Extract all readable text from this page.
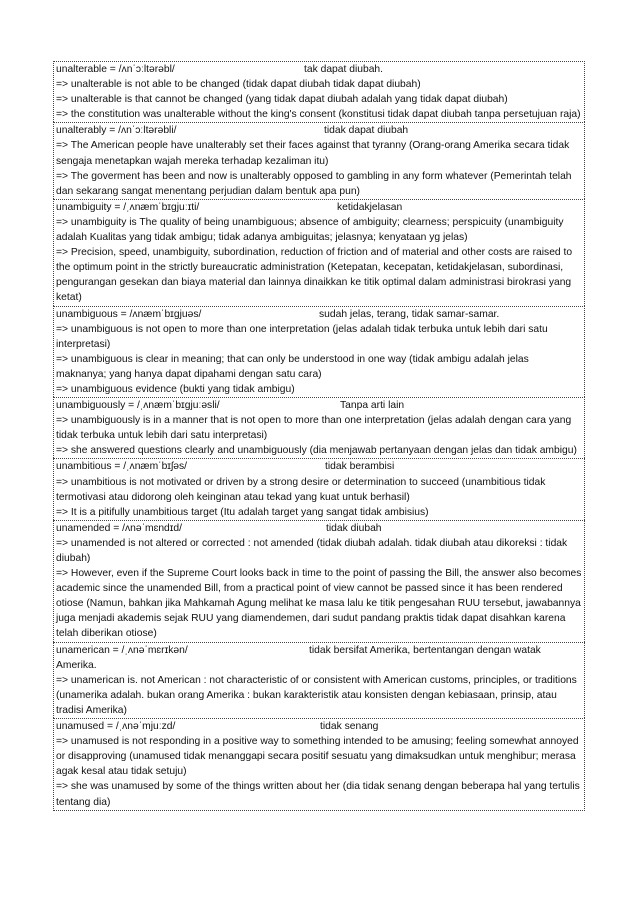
unalterable = /ʌnˈɔːltərəbl/	tak dapat diubah.
=> unalterable is not able to be changed (tidak dapat diubah tidak dapat diubah)
=> unalterable is that cannot be changed (yang tidak dapat diubah adalah yang tidak dapat diubah)
=> the constitution was unalterable without the king's consent (konstitusi tidak dapat diubah tanpa persetujuan raja)
unalterably = /ʌnˈɔːltərəbli/	tidak dapat diubah
=> The American people have unalterably set their faces against that tyranny (Orang-orang Amerika secara tidak sengaja menetapkan wajah mereka terhadap kezaliman itu)
=> The goverment has been and now is unalterably opposed to gambling in any form whatever (Pemerintah telah dan sekarang sangat menentang perjudian dalam bentuk apa pun)
unambiguity = /ˌʌnæmˈbɪɡjuːɪti/	ketidakjelasan
=> unambiguity is The quality of being unambiguous; absence of ambiguity; clearness; perspicuity (unambiguity adalah Kualitas yang tidak ambigu; tidak adanya ambiguitas; jelasnya; kenyataan yg jelas)
=> Precision, speed, unambiguity, subordination, reduction of friction and of material and other costs are raised to the optimum point in the strictly bureaucratic administration (Ketepatan, kecepatan, ketidakjelasan, subordinasi, pengurangan gesekan dan biaya material dan lainnya dinaikkan ke titik optimal dalam administrasi birokrasi yang ketat)
unambiguous = /ʌnæmˈbɪɡjuəs/	sudah jelas, terang, tidak samar-samar.
=> unambiguous is not open to more than one interpretation (jelas adalah tidak terbuka untuk lebih dari satu interpretasi)
=> unambiguous is clear in meaning; that can only be understood in one way (tidak ambigu adalah jelas maknanya; yang hanya dapat dipahami dengan satu cara)
=> unambiguous evidence (bukti yang tidak ambigu)
unambiguously = /ˌʌnæmˈbɪɡjuːəsli/	Tanpa arti lain
=> unambiguously is in a manner that is not open to more than one interpretation (jelas adalah dengan cara yang tidak terbuka untuk lebih dari satu interpretasi)
=> she answered questions clearly and unambiguously (dia menjawab pertanyaan dengan jelas dan tidak ambigu)
unambitious = /ˌʌnæmˈbɪʃəs/	tidak berambisi
=> unambitious is not motivated or driven by a strong desire or determination to succeed (unambitious tidak termotivasi atau didorong oleh keinginan atau tekad yang kuat untuk berhasil)
=> It is a pitifully unambitious target (Itu adalah target yang sangat tidak ambisius)
unamended = /ʌnəˈmɛndɪd/	tidak diubah
=> unamended is not altered or corrected : not amended (tidak diubah adalah. tidak diubah atau dikoreksi : tidak diubah)
=> However, even if the Supreme Court looks back in time to the point of passing the Bill, the answer also becomes academic since the unamended Bill, from a practical point of view cannot be passed since it has been rendered otiose (Namun, bahkan jika Mahkamah Agung melihat ke masa lalu ke titik pengesahan RUU tersebut, jawabannya juga menjadi akademis sejak RUU yang diamendemen, dari sudut pandang praktis tidak dapat disahkan karena telah diberikan otiose)
unamerican = /ˌʌnəˈmɛrɪkən/	tidak bersifat Amerika, bertentangan dengan watak
Amerika.
=> unamerican is. not American : not characteristic of or consistent with American customs, principles, or traditions (unamerika adalah. bukan orang Amerika : bukan karakteristik atau konsisten dengan kebiasaan, prinsip, atau tradisi Amerika)
unamused = /ˌʌnəˈmjuːzd/	tidak senang
=> unamused is not responding in a positive way to something intended to be amusing; feeling somewhat annoyed or disapproving (unamused tidak menanggapi secara positif sesuatu yang dimaksudkan untuk menghibur; merasa agak kesal atau tidak setuju)
=> she was unamused by some of the things written about her (dia tidak senang dengan beberapa hal yang tertulis tentang dia)
